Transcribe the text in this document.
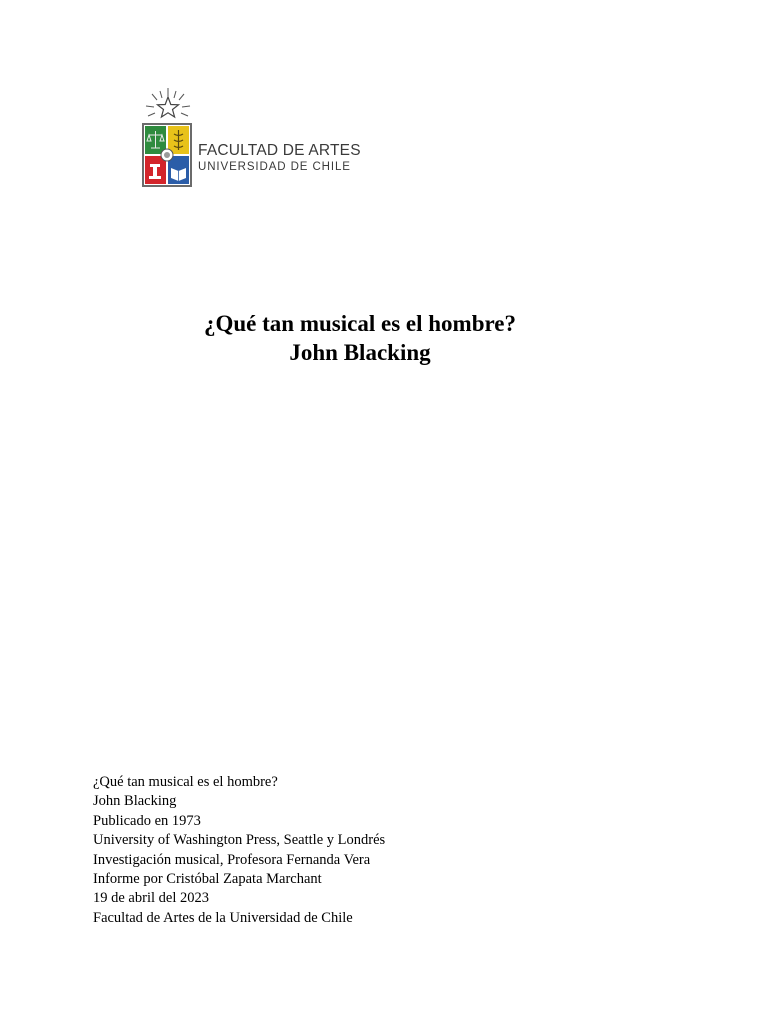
FACULTAD DE ARTES
UNIVERSIDAD DE CHILE
¿Qué tan musical es el hombre?
John Blacking
¿Qué tan musical es el hombre?
John Blacking
Publicado en 1973
University of Washington Press, Seattle y Londrés
Investigación musical, Profesora Fernanda Vera
Informe por Cristóbal Zapata Marchant
19 de abril del 2023
Facultad de Artes de la Universidad de Chile
